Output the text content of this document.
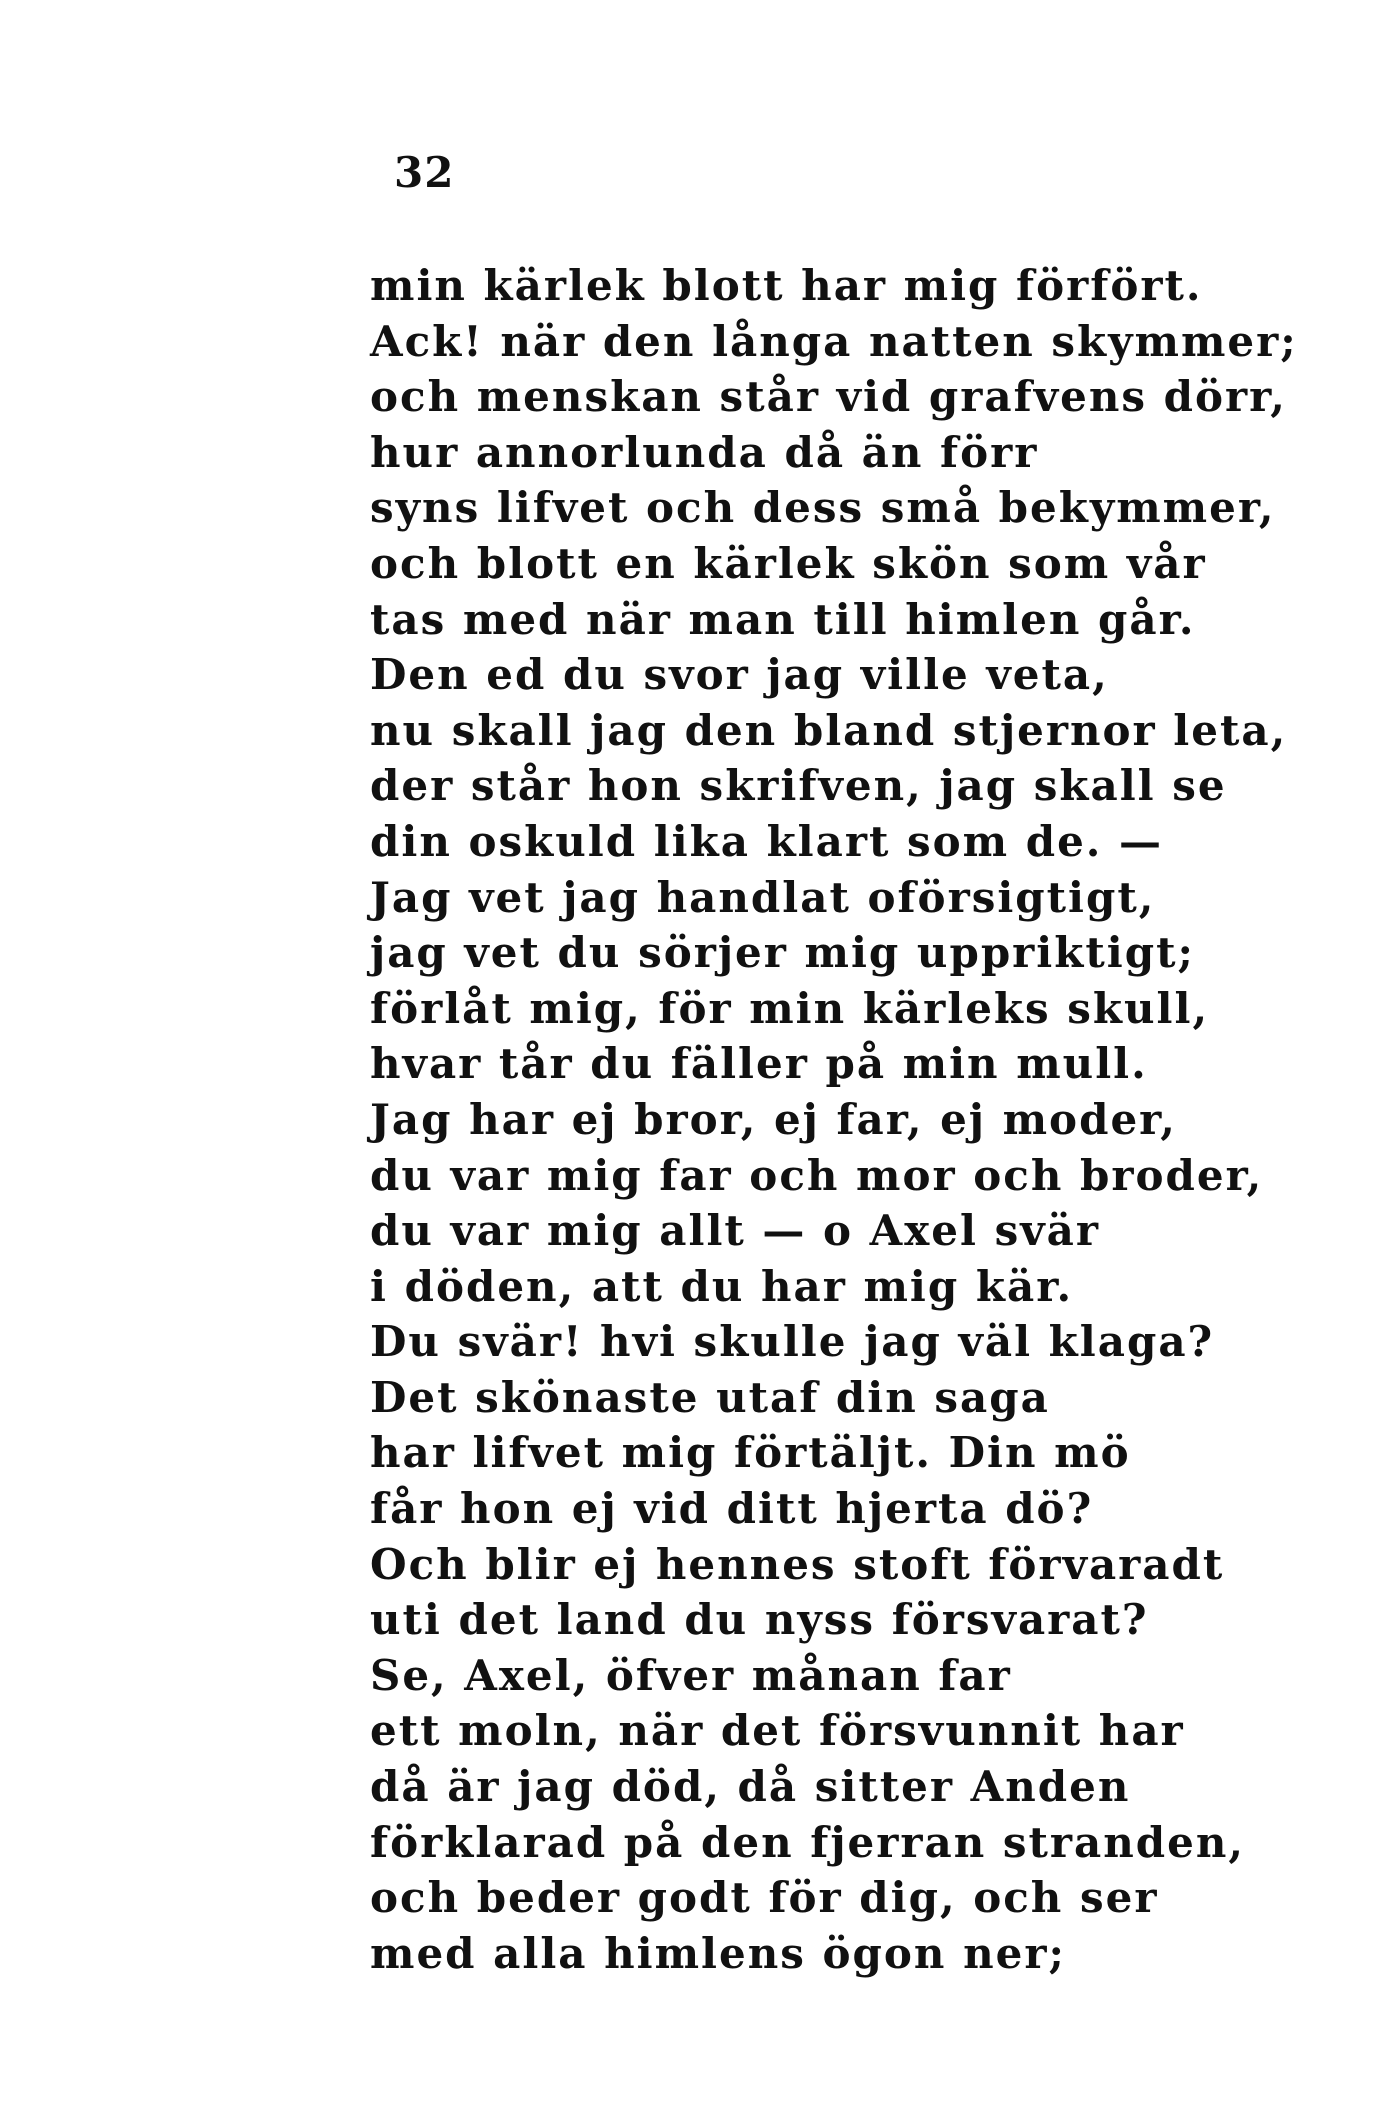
32
min kärlek blott har mig förfört.
Ack! när den långa natten skymmer;
och menskan står vid grafvens dörr,
hur annorlunda då än förr
syns lifvet och dess små bekymmer,
och blott en kärlek skön som vår
tas med när man till himlen går.
Den ed du svor jag ville veta,
nu skall jag den bland stjernor leta,
der står hon skrifven, jag skall se
din oskuld lika klart som de. —
Jag vet jag handlat oförsigtigt,
jag vet du sörjer mig uppriktigt;
förlåt mig, för min kärleks skull,
hvar tår du fäller på min mull.
Jag har ej bror, ej far, ej moder,
du var mig far och mor och broder,
du var mig allt — o Axel svär
i döden, att du har mig kär.
Du svär! hvi skulle jag väl klaga?
Det skönaste utaf din saga
har lifvet mig förtäljt. Din mö
får hon ej vid ditt hjerta dö?
Och blir ej hennes stoft förvaradt
uti det land du nyss försvarat?
Se, Axel, öfver månan far
ett moln, när det försvunnit har
då är jag död, då sitter Anden
förklarad på den fjerran stranden,
och beder godt för dig, och ser
med alla himlens ögon ner;
